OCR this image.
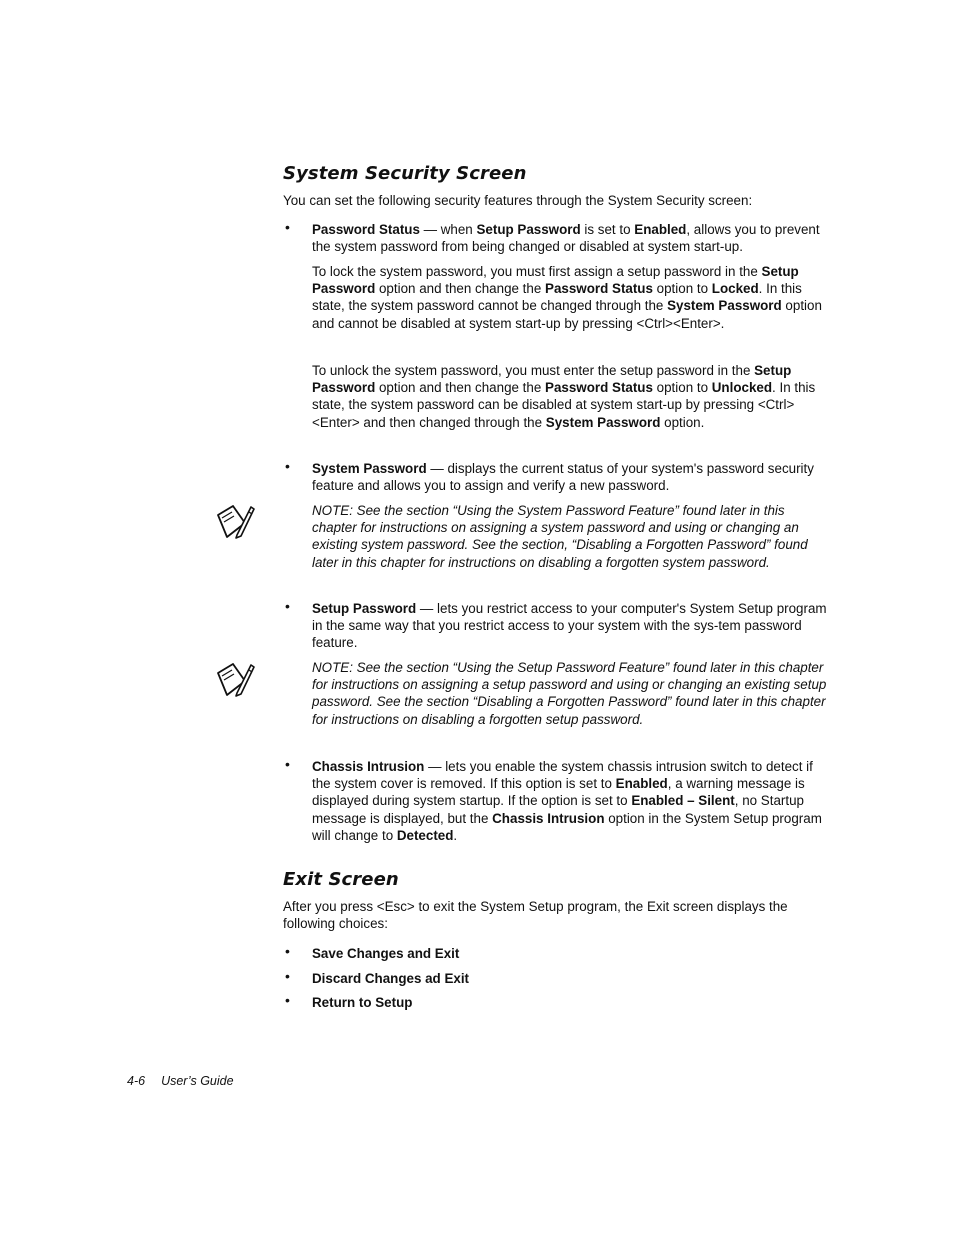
System Security Screen

You can set the following security features through the System Security screen:

• Password Status — when Setup Password is set to Enabled, allows you to prevent the system password from being changed or disabled at system start-up.

To lock the system password, you must first assign a setup password in the Setup Password option and then change the Password Status option to Locked. In this state, the system password cannot be changed through the System Password option and cannot be disabled at system start-up by pressing <Ctrl><Enter>.

To unlock the system password, you must enter the setup password in the Setup Password option and then change the Password Status option to Unlocked. In this state, the system password can be disabled at system start-up by pressing <Ctrl><Enter> and then changed through the System Password option.

• System Password — displays the current status of your system's password security feature and allows you to assign and verify a new password.

NOTE: See the section “Using the System Password Feature” found later in this chapter for instructions on assigning a system password and using or changing an existing system password. See the section, “Disabling a Forgotten Password” found later in this chapter for instructions on disabling a forgotten system password.

• Setup Password — lets you restrict access to your computer's System Setup program in the same way that you restrict access to your system with the sys-tem password feature.

NOTE: See the section “Using the Setup Password Feature” found later in this chapter for instructions on assigning a setup password and using or changing an existing setup password. See the section “Disabling a Forgotten Password” found later in this chapter for instructions on disabling a forgotten setup password.

• Chassis Intrusion — lets you enable the system chassis intrusion switch to detect if the system cover is removed. If this option is set to Enabled, a warning message is displayed during system startup. If the option is set to Enabled – Silent, no Startup message is displayed, but the Chassis Intrusion option in the System Setup program will change to Detected.

Exit Screen

After you press <Esc> to exit the System Setup program, the Exit screen displays the following choices:

• Save Changes and Exit

• Discard Changes ad Exit

• Return to Setup

4-6 User’s Guide
